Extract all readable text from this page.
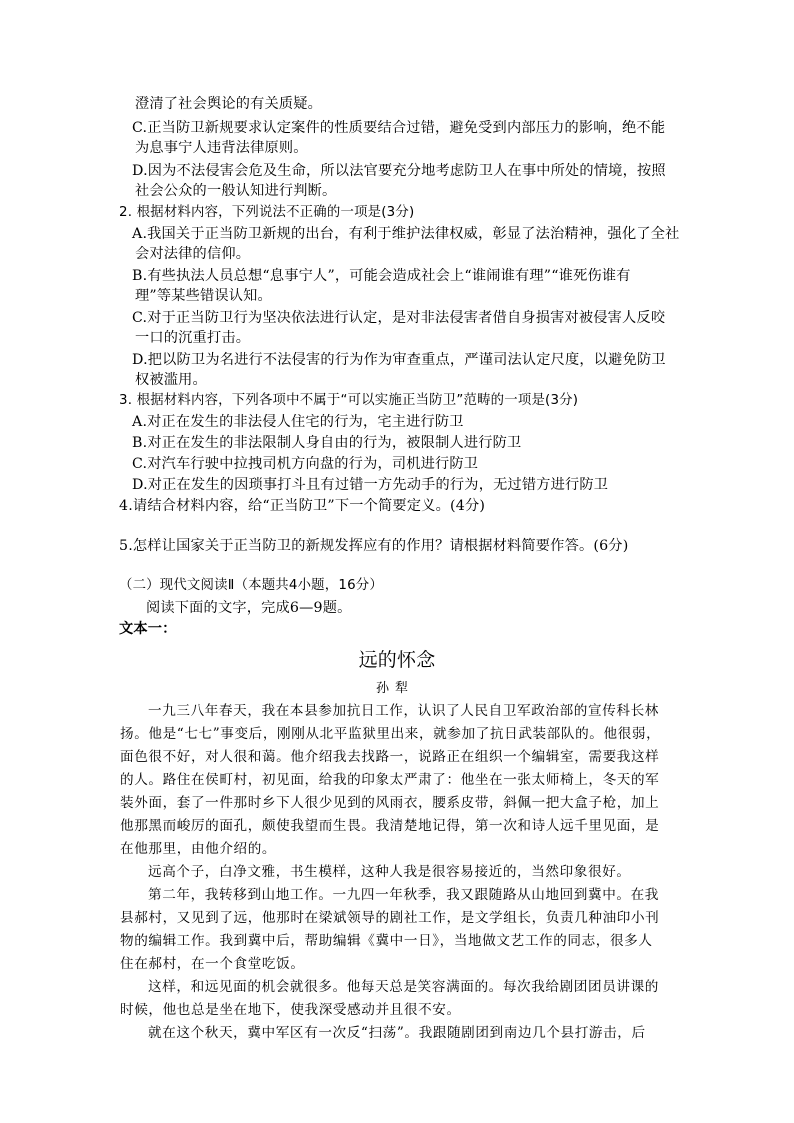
澄清了社会舆论的有关质疑。
C.正当防卫新规要求认定案件的性质要结合过错，避免受到内部压力的影响，绝不能
为息事宁人违背法律原则。
D.因为不法侵害会危及生命，所以法官要充分地考虑防卫人在事中所处的情境，按照
社会公众的一般认知进行判断。
2. 根据材料内容，下列说法不正确的一项是(3分)
A.我国关于正当防卫新规的出台，有利于维护法律权威，彰显了法治精神，强化了全社
会对法律的信仰。
B.有些执法人员总想“息事宁人”，可能会造成社会上“谁闹谁有理”“谁死伤谁有
理”等某些错误认知。
C.对于正当防卫行为坚决依法进行认定，是对非法侵害者借自身损害对被侵害人反咬
一口的沉重打击。
D.把以防卫为名进行不法侵害的行为作为审查重点，严谨司法认定尺度，以避免防卫
权被滥用。
3. 根据材料内容，下列各项中不属于“可以实施正当防卫”范畴的一项是(3分)
A.对正在发生的非法侵人住宅的行为，宅主进行防卫
B.对正在发生的非法限制人身自由的行为，被限制人进行防卫
C.对汽车行驶中拉拽司机方向盘的行为，司机进行防卫
D.对正在发生的因琐事打斗且有过错一方先动手的行为，无过错方进行防卫
4.请结合材料内容，给“正当防卫”下一个简要定义。(4分)
5.怎样让国家关于正当防卫的新规发挥应有的作用？请根据材料简要作答。(6分)
（二）现代文阅读Ⅱ（本题共4小题，16分）
阅读下面的文字，完成6—9题。
文本一：
远的怀念
孙犁
一九三八年春天，我在本县参加抗日工作，认识了人民自卫军政治部的宣传科长林
扬。他是“七七”事变后，刚刚从北平监狱里出来，就参加了抗日武装部队的。他很弱，
面色很不好，对人很和蔼。他介绍我去找路一，说路正在组织一个编辑室，需要我这样
的人。路住在侯町村，初见面，给我的印象太严肃了：他坐在一张太师椅上，冬天的军
装外面，套了一件那时乡下人很少见到的风雨衣，腰系皮带，斜佩一把大盒子枪，加上
他那黑而峻厉的面孔，颇使我望而生畏。我清楚地记得，第一次和诗人远千里见面，是
在他那里，由他介绍的。
远高个子，白净文雅，书生模样，这种人我是很容易接近的，当然印象很好。
第二年，我转移到山地工作。一九四一年秋季，我又跟随路从山地回到冀中。在我
县郝村，又见到了远，他那时在梁斌领导的剧社工作，是文学组长，负责几种油印小刊
物的编辑工作。我到冀中后，帮助编辑《冀中一日》，当地做文艺工作的同志，很多人
住在郝村，在一个食堂吃饭。
这样，和远见面的机会就很多。他每天总是笑容满面的。每次我给剧团团员讲课的
时候，他也总是坐在地下，使我深受感动并且很不安。
就在这个秋天，冀中军区有一次反“扫荡”。我跟随剧团到南边几个县打游击，后
